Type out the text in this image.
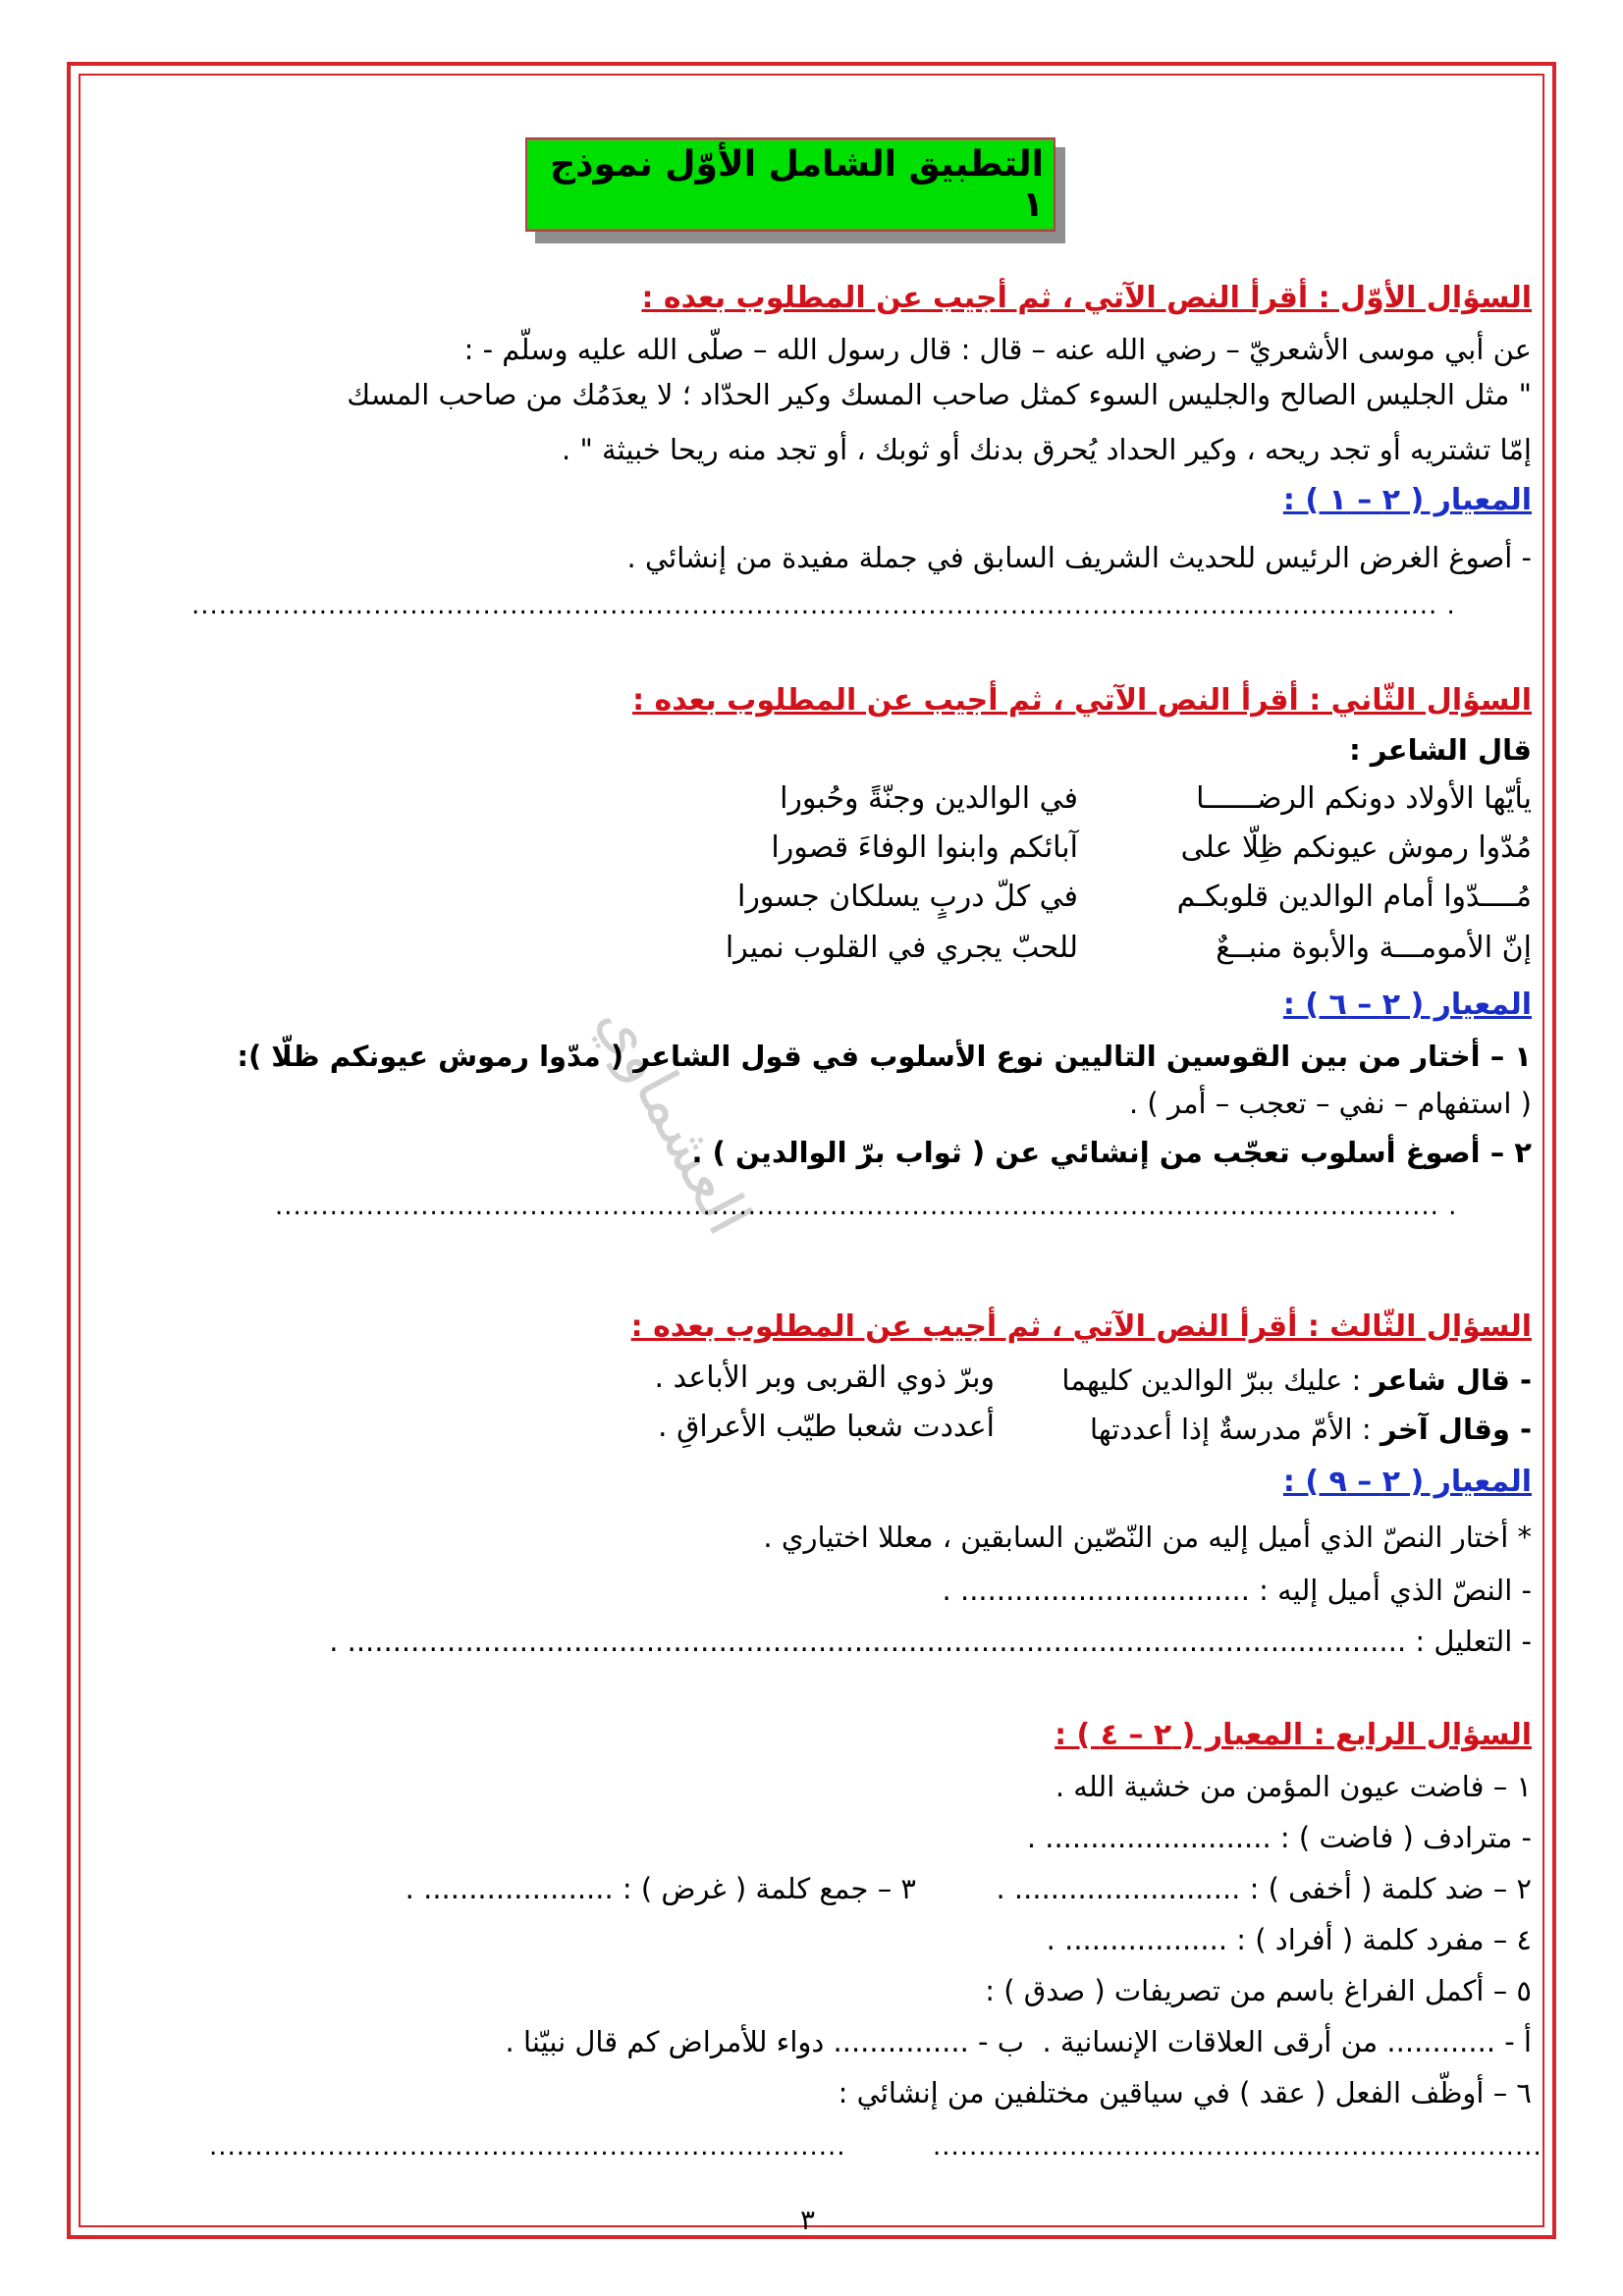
التطبيق الشامل الأوّل نموذج ١
العشماوي
السؤال الأوّل : أقرأ النص الآتي ، ثم أجيب عن المطلوب بعده :
عن أبي موسى الأشعريّ – رضي الله عنه – قال : قال رسول الله – صلّى الله عليه وسلّم - :
" مثل الجليس الصالح والجليس السوء كمثل صاحب المسك وكير الحدّاد ؛ لا يعدَمُك من صاحب المسك
إمّا تشتريه أو تجد ريحه ، وكير الحداد يُحرق بدنك أو ثوبك ، أو تجد منه ريحا خبيثة " .
المعيار ( ٢ – ١ ) :
- أصوغ الغرض الرئيس للحديث الشريف السابق في جملة مفيدة من إنشائي .
......................................................................................................................................... .
السؤال الثّاني : أقرأ النص الآتي ، ثم أجيب عن المطلوب بعده :
قال الشاعر :
يأيّها الأولاد دونكم الرضــــــا
في الوالدين وجنّةً وحُبورا
مُدّوا رموش عيونكم ظِلّا على
آبائكم وابنوا الوفاءَ قصورا
مُــــدّوا أمام الوالدين قلوبكـم
في كلّ دربٍ يسلكان جسورا
إنّ الأمومـــة والأبوة منبــعٌ
للحبّ يجري في القلوب نميرا
المعيار ( ٢ – ٦ ) :
١ – أختار من بين القوسين التاليين نوع الأسلوب في قول الشاعر ( مدّوا رموش عيونكم ظلّا ):
( استفهام – نفي – تعجب – أمر ) .
٢ – أصوغ أسلوب تعجّب من إنشائي عن ( ثواب برّ الوالدين ) .
................................................................................................................................ .
السؤال الثّالث : أقرأ النص الآتي ، ثم أجيب عن المطلوب بعده :
- قال شاعر : عليك ببرّ الوالدين كليهما
وبرّ ذوي القربى وبر الأباعد .
- وقال آخر : الأمّ مدرسةٌ إذا أعددتها
أعددت شعبا طيّب الأعراقِ .
المعيار ( ٢ – ٩ ) :
* أختار النصّ الذي أميل إليه من النّصّين السابقين ، معللا اختياري .
- النصّ الذي أميل إليه : ................................ .
- التعليل : ..................................................................................................................... .
السؤال الرابع : المعيار ( ٢ – ٤ ) :
١ – فاضت عيون المؤمن من خشية الله .
- مترادف ( فاضت ) : ......................... .
٢ – ضد كلمة ( أخفى ) : ......................... .
٣ – جمع كلمة ( غرض ) : ..................... .
٤ – مفرد كلمة ( أفراد ) : .................. .
٥ – أكمل الفراغ باسم من تصريفات ( صدق ) :
أ - ............ من أرقى العلاقات الإنسانية .
ب - ............... دواء للأمراض كم قال نبيّنا .
٦ – أوظّف الفعل ( عقد ) في سياقين مختلفين من إنشائي :
...................................................................
......................................................................
٣
